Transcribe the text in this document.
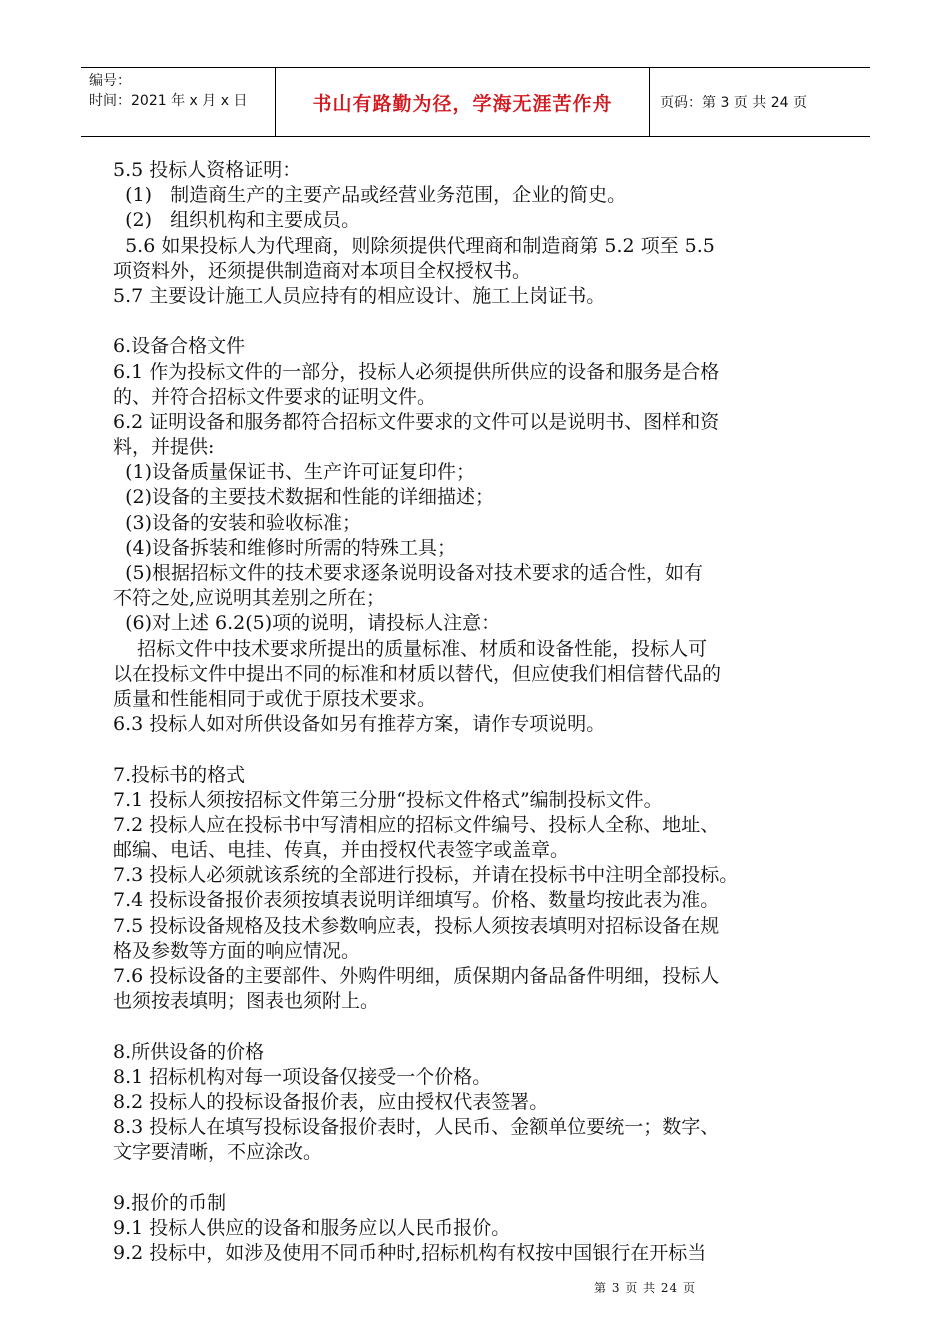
编号：
时间：2021 年 x 月 x 日	书山有路勤为径，学海无涯苦作舟	页码：第 3 页 共 24 页
5.5 投标人资格证明：
(1)   制造商生产的主要产品或经营业务范围，企业的简史。
(2)   组织机构和主要成员。
5.6 如果投标人为代理商，则除须提供代理商和制造商第 5.2 项至 5.5
项资料外，还须提供制造商对本项目全权授权书。
5.7 主要设计施工人员应持有的相应设计、施工上岗证书。
6.设备合格文件
6.1 作为投标文件的一部分，投标人必须提供所供应的设备和服务是合格
的、并符合招标文件要求的证明文件。
6.2 证明设备和服务都符合招标文件要求的文件可以是说明书、图样和资
料，并提供:
(1)设备质量保证书、生产许可证复印件；
(2)设备的主要技术数据和性能的详细描述；
(3)设备的安装和验收标准；
(4)设备拆装和维修时所需的特殊工具；
(5)根据招标文件的技术要求逐条说明设备对技术要求的适合性，如有
不符之处,应说明其差别之所在；
(6)对上述 6.2(5)项的说明，请投标人注意：
招标文件中技术要求所提出的质量标准、材质和设备性能，投标人可
以在投标文件中提出不同的标准和材质以替代，但应使我们相信替代品的
质量和性能相同于或优于原技术要求。
6.3 投标人如对所供设备如另有推荐方案，请作专项说明。
7.投标书的格式
7.1 投标人须按招标文件第三分册“投标文件格式”编制投标文件。
7.2 投标人应在投标书中写清相应的招标文件编号、投标人全称、地址、
邮编、电话、电挂、传真，并由授权代表签字或盖章。
7.3 投标人必须就该系统的全部进行投标，并请在投标书中注明全部投标。
7.4 投标设备报价表须按填表说明详细填写。价格、数量均按此表为准。
7.5 投标设备规格及技术参数响应表，投标人须按表填明对招标设备在规
格及参数等方面的响应情况。
7.6 投标设备的主要部件、外购件明细，质保期内备品备件明细，投标人
也须按表填明；图表也须附上。
8.所供设备的价格
8.1 招标机构对每一项设备仅接受一个价格。
8.2 投标人的投标设备报价表，应由授权代表签署。
8.3 投标人在填写投标设备报价表时，人民币、金额单位要统一；数字、
文字要清晰，不应涂改。
9.报价的币制
9.1 投标人供应的设备和服务应以人民币报价。
9.2 投标中，如涉及使用不同币种时,招标机构有权按中国银行在开标当
第 3 页 共 24 页
